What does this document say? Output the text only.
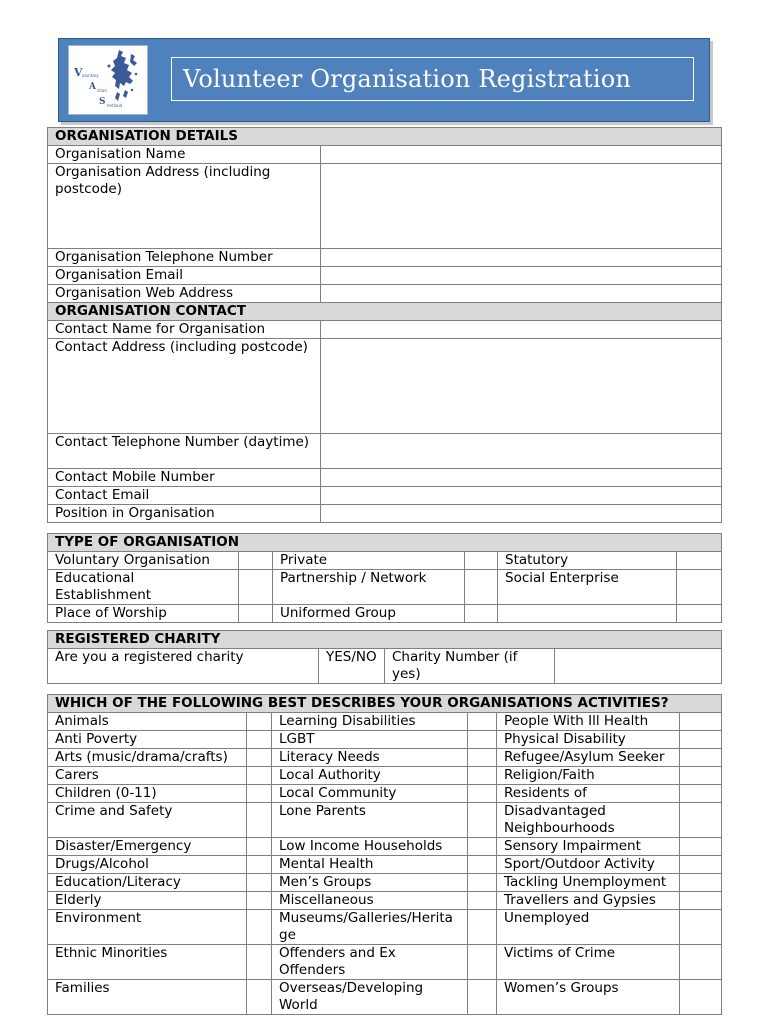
V oluntary
A ction
S hetland
Volunteer Organisation Registration
ORGANISATION DETAILS	
Organisation Name	
Organisation Address (including postcode)	
Organisation Telephone Number	
Organisation Email	
Organisation Web Address	
ORGANISATION CONTACT	
Contact Name for Organisation	
Contact Address (including postcode)	
Contact Telephone Number (daytime)	
Contact Mobile Number	
Contact Email	
Position in Organisation	
TYPE OF ORGANISATION					
Voluntary Organisation		Private		Statutory	
Educational Establishment		Partnership / Network		Social Enterprise	
Place of Worship		Uniformed Group			
REGISTERED CHARITY
Are you a registered charity	YES/NO	Charity Number (if yes)	
WHICH OF THE FOLLOWING BEST DESCRIBES YOUR ORGANISATIONS ACTIVITIES?					
Animals		Learning Disabilities		People With Ill Health	
Anti Poverty		LGBT		Physical Disability	
Arts (music/drama/crafts)		Literacy Needs		Refugee/Asylum Seeker	
Carers		Local Authority		Religion/Faith	
Children (0-11)		Local Community		Residents of	
Crime and Safety		Lone Parents		Disadvantaged Neighbourhoods	
Disaster/Emergency		Low Income Households		Sensory Impairment	
Drugs/Alcohol		Mental Health		Sport/Outdoor Activity	
Education/Literacy		Men’s Groups		Tackling Unemployment	
Elderly		Miscellaneous		Travellers and Gypsies	
Environment		Museums/Galleries/Heritage		Unemployed	
Ethnic Minorities		Offenders and Ex Offenders		Victims of Crime	
Families		Overseas/Developing World		Women’s Groups	
